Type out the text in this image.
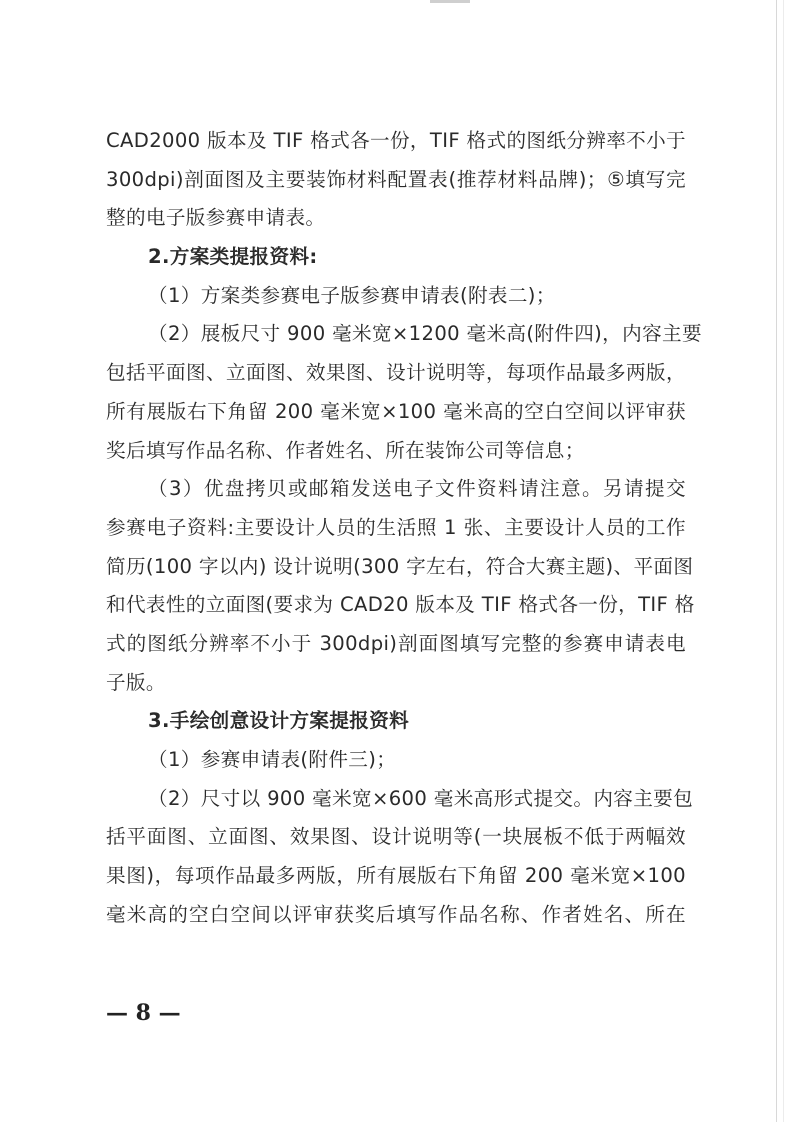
CAD2000 版本及 TIF 格式各一份，TIF 格式的图纸分辨率不小于
300dpi)剖面图及主要装饰材料配置表(推荐材料品牌)；⑤填写完
整的电子版参赛申请表。
2.方案类提报资料:
（1）方案类参赛电子版参赛申请表(附表二)；
（2）展板尺寸 900 毫米宽×1200 毫米高(附件四)，内容主要
包括平面图、立面图、效果图、设计说明等，每项作品最多两版，
所有展版右下角留 200 毫米宽×100 毫米高的空白空间以评审获
奖后填写作品名称、作者姓名、所在装饰公司等信息；
（3）优盘拷贝或邮箱发送电子文件资料请注意。另请提交
参赛电子资料:主要设计人员的生活照 1 张、主要设计人员的工作
简历(100 字以内) 设计说明(300 字左右，符合大赛主题)、平面图
和代表性的立面图(要求为 CAD20 版本及 TIF 格式各一份，TIF 格
式的图纸分辨率不小于 300dpi)剖面图填写完整的参赛申请表电
子版。
3.手绘创意设计方案提报资料
（1）参赛申请表(附件三)；
（2）尺寸以 900 毫米宽×600 毫米高形式提交。内容主要包
括平面图、立面图、效果图、设计说明等(一块展板不低于两幅效
果图)，每项作品最多两版，所有展版右下角留 200 毫米宽×100
毫米高的空白空间以评审获奖后填写作品名称、作者姓名、所在
— 8 —
